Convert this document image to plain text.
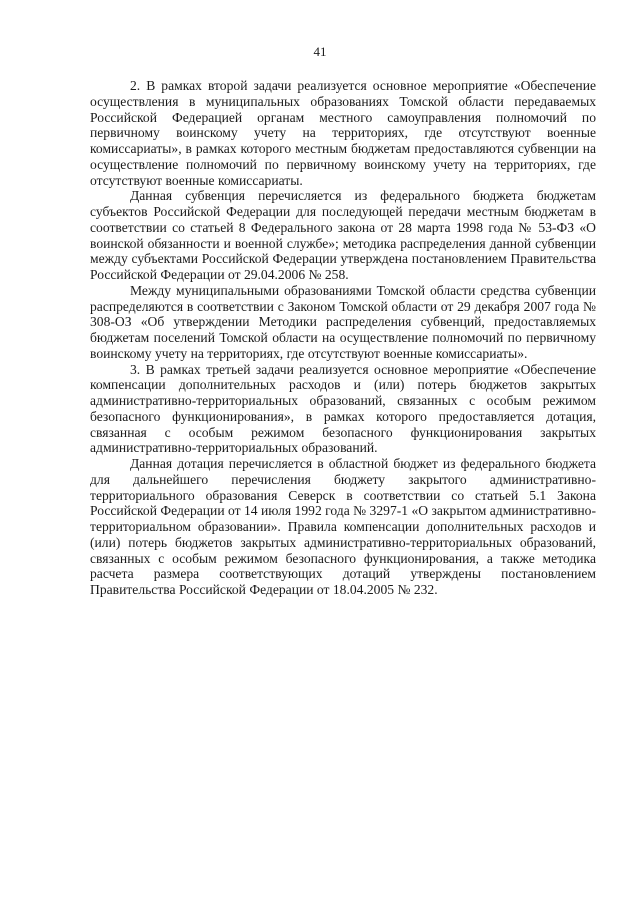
41

2. В рамках второй задачи реализуется основное мероприятие «Обеспечение осуществления в муниципальных образованиях Томской области передаваемых Российской Федерацией органам местного самоуправления полномочий по первичному воинскому учету на территориях, где отсутствуют военные комиссариаты», в рамках которого местным бюджетам предоставляются субвенции на осуществление полномочий по первичному воинскому учету на территориях, где отсутствуют военные комиссариаты.

Данная субвенция перечисляется из федерального бюджета бюджетам субъектов Российской Федерации для последующей передачи местным бюджетам в соответствии со статьей 8 Федерального закона от 28 марта 1998 года № 53-ФЗ «О воинской обязанности и военной службе»; методика распределения данной субвенции между субъектами Российской Федерации утверждена постановлением Правительства Российской Федерации от 29.04.2006 № 258.

Между муниципальными образованиями Томской области средства субвенции распределяются в соответствии с Законом Томской области от 29 декабря 2007 года № 308-ОЗ «Об утверждении Методики распределения субвенций, предоставляемых бюджетам поселений Томской области на осуществление полномочий по первичному воинскому учету на территориях, где отсутствуют военные комиссариаты».

3. В рамках третьей задачи реализуется основное мероприятие «Обеспечение компенсации дополнительных расходов и (или) потерь бюджетов закрытых административно-территориальных образований, связанных с особым режимом безопасного функционирования», в рамках которого предоставляется дотация, связанная с особым режимом безопасного функционирования закрытых административно-территориальных образований.

Данная дотация перечисляется в областной бюджет из федерального бюджета для дальнейшего перечисления бюджету закрытого административно-территориального образования Северск в соответствии со статьей 5.1 Закона Российской Федерации от 14 июля 1992 года № 3297-1 «О закрытом административно-территориальном образовании». Правила компенсации дополнительных расходов и (или) потерь бюджетов закрытых административно-территориальных образований, связанных с особым режимом безопасного функционирования, а также методика расчета размера соответствующих дотаций утверждены постановлением Правительства Российской Федерации от 18.04.2005 № 232.
